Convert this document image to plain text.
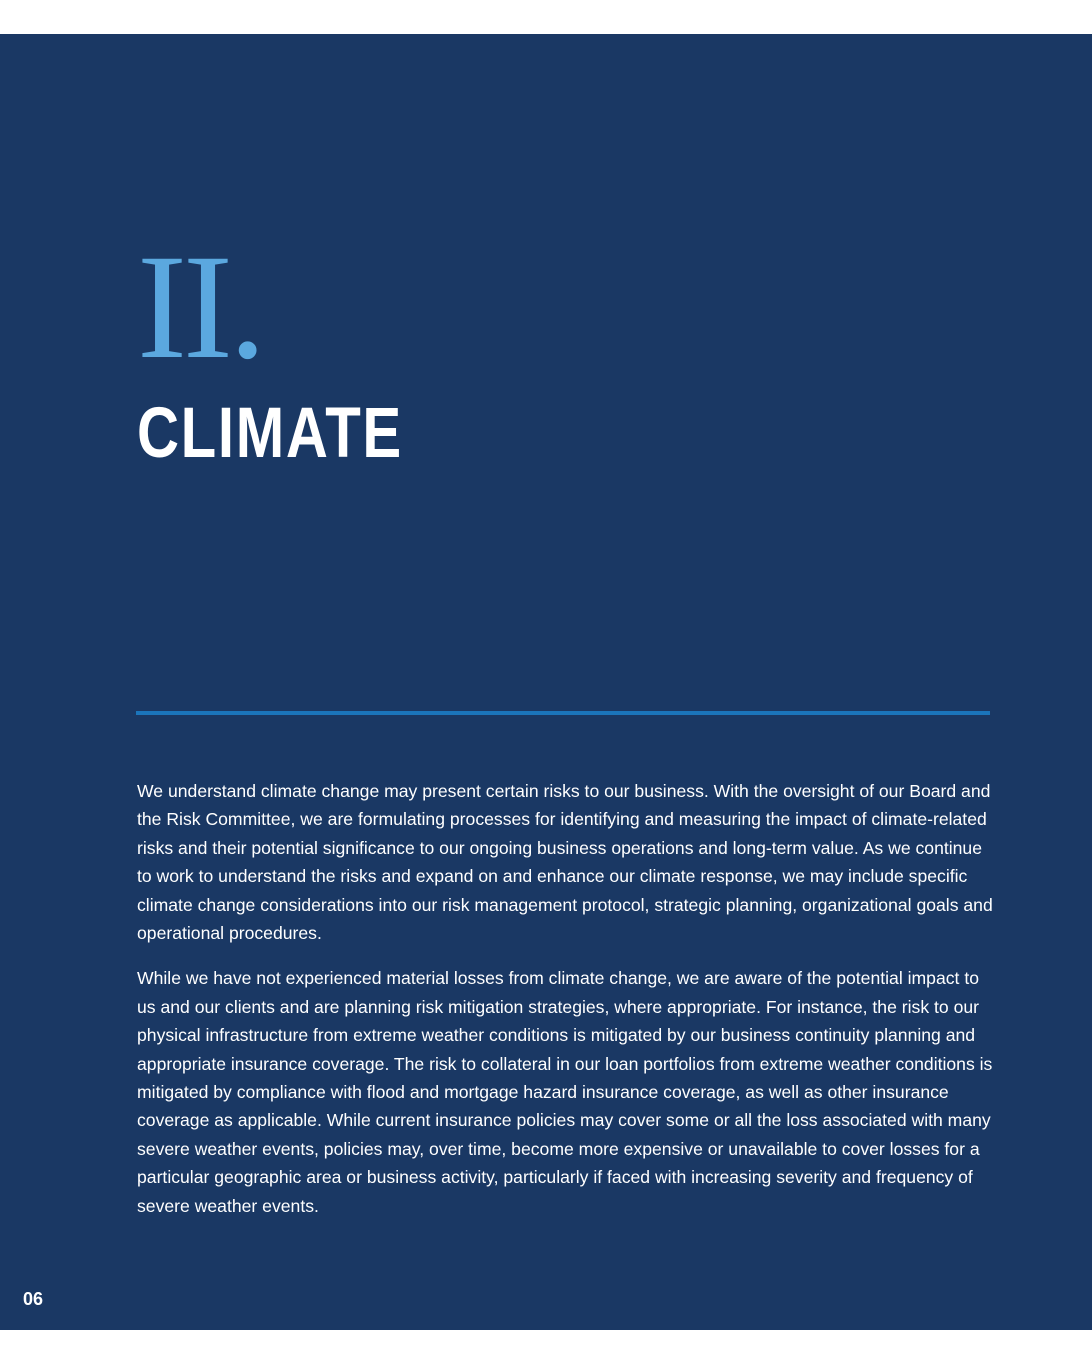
II.
CLIMATE

We understand climate change may present certain risks to our business. With the oversight of our Board and the Risk Committee, we are formulating processes for identifying and measuring the impact of climate-related risks and their potential significance to our ongoing business operations and long-term value. As we continue to work to understand the risks and expand on and enhance our climate response, we may include specific climate change considerations into our risk management protocol, strategic planning, organizational goals and operational procedures.

While we have not experienced material losses from climate change, we are aware of the potential impact to us and our clients and are planning risk mitigation strategies, where appropriate. For instance, the risk to our physical infrastructure from extreme weather conditions is mitigated by our business continuity planning and appropriate insurance coverage. The risk to collateral in our loan portfolios from extreme weather conditions is mitigated by compliance with flood and mortgage hazard insurance coverage, as well as other insurance coverage as applicable. While current insurance policies may cover some or all the loss associated with many severe weather events, policies may, over time, become more expensive or unavailable to cover losses for a particular geographic area or business activity, particularly if faced with increasing severity and frequency of severe weather events.

06
